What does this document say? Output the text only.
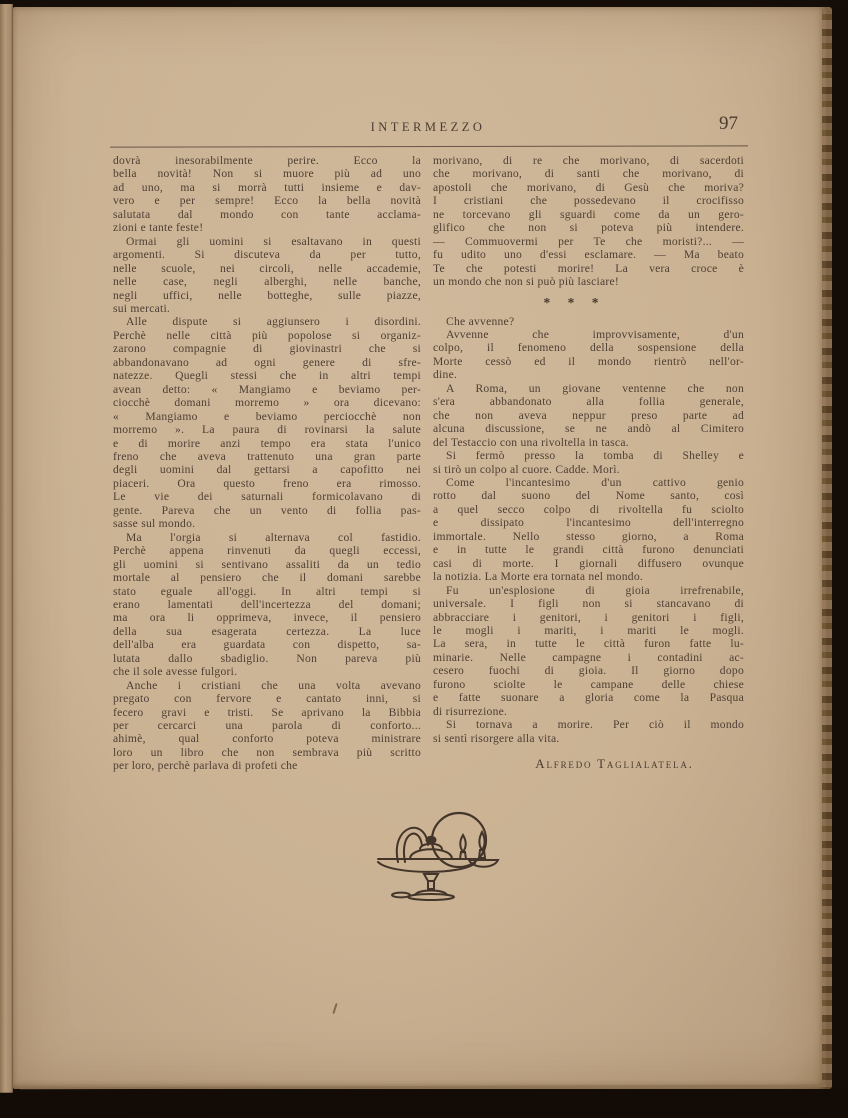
INTERMEZZO	97
dovrà inesorabilmente perire. Ecco la
bella novità! Non si muore più ad uno
ad uno, ma si morrà tutti insieme e dav-
vero e per sempre! Ecco la bella novità
salutata dal mondo con tante acclama-
zioni e tante feste!
Ormai gli uomini si esaltavano in questi
argomenti. Si discuteva da per tutto,
nelle scuole, nei circoli, nelle accademie,
nelle case, negli alberghi, nelle banche,
negli uffici, nelle botteghe, sulle piazze,
sui mercati.
Alle dispute si aggiunsero i disordini.
Perchè nelle città più popolose si organiz-
zarono compagnie di giovinastri che si
abbandonavano ad ogni genere di sfre-
natezze. Quegli stessi che in altri tempi
avean detto: « Mangiamo e beviamo per-
ciocchè domani morremo » ora dicevano:
« Mangiamo e beviamo perciocchè non
morremo ». La paura di rovinarsi la salute
e di morire anzi tempo era stata l'unico
freno che aveva trattenuto una gran parte
degli uomini dal gettarsi a capofitto nei
piaceri. Ora questo freno era rimosso.
Le vie dei saturnali formicolavano di
gente. Pareva che un vento di follia pas-
sasse sul mondo.
Ma l'orgia si alternava col fastidio.
Perchè appena rinvenuti da quegli eccessi,
gli uomini si sentivano assaliti da un tedio
mortale al pensiero che il domani sarebbe
stato eguale all'oggi. In altri tempi si
erano lamentati dell'incertezza del domani;
ma ora li opprimeva, invece, il pensiero
della sua esagerata certezza. La luce
dell'alba era guardata con dispetto, sa-
lutata dallo sbadiglio. Non pareva più
che il sole avesse fulgori.
Anche i cristiani che una volta avevano
pregato con fervore e cantato inni, si
fecero gravi e tristi. Se aprivano la Bibbia
per cercarci una parola di conforto...
ahimè, qual conforto poteva ministrare
loro un libro che non sembrava più scritto
per loro, perchè parlava di profeti che
morivano, di re che morivano, di sacerdoti
che morivano, di santi che morivano, di
apostoli che morivano, di Gesù che moriva?
I cristiani che possedevano il crocifisso
ne torcevano gli sguardi come da un gero-
glifico che non si poteva più intendere.
— Commuovermi per Te che moristi?... —
fu udito uno d'essi esclamare. — Ma beato
Te che potesti morire! La vera croce è
un mondo che non si può più lasciare!
* * *
Che avvenne?
Avvenne che improvvisamente, d'un
colpo, il fenomeno della sospensione della
Morte cessò ed il mondo rientrò nell'or-
dine.
A Roma, un giovane ventenne che non
s'era abbandonato alla follia generale,
che non aveva neppur preso parte ad
alcuna discussione, se ne andò al Cimitero
del Testaccio con una rivoltella in tasca.
Si fermò presso la tomba di Shelley e
si tirò un colpo al cuore. Cadde. Morì.
Come l'incantesimo d'un cattivo genio
rotto dal suono del Nome santo, così
a quel secco colpo di rivoltella fu sciolto
e dissipato l'incantesimo dell'interregno
immortale. Nello stesso giorno, a Roma
e in tutte le grandi città furono denunciati
casi di morte. I giornali diffusero ovunque
la notizia. La Morte era tornata nel mondo.
Fu un'esplosione di gioia irrefrenabile,
universale. I figli non si stancavano di
abbracciare i genitori, i genitori i figli,
le mogli i mariti, i mariti le mogli.
La sera, in tutte le città furon fatte lu-
minarie. Nelle campagne i contadini ac-
cesero fuochi di gioia. Il giorno dopo
furono sciolte le campane delle chiese
e fatte suonare a gloria come la Pasqua
di risurrezione.
Si tornava a morire. Per ciò il mondo
si sentì risorgere alla vita.
Alfredo Taglialatela.
